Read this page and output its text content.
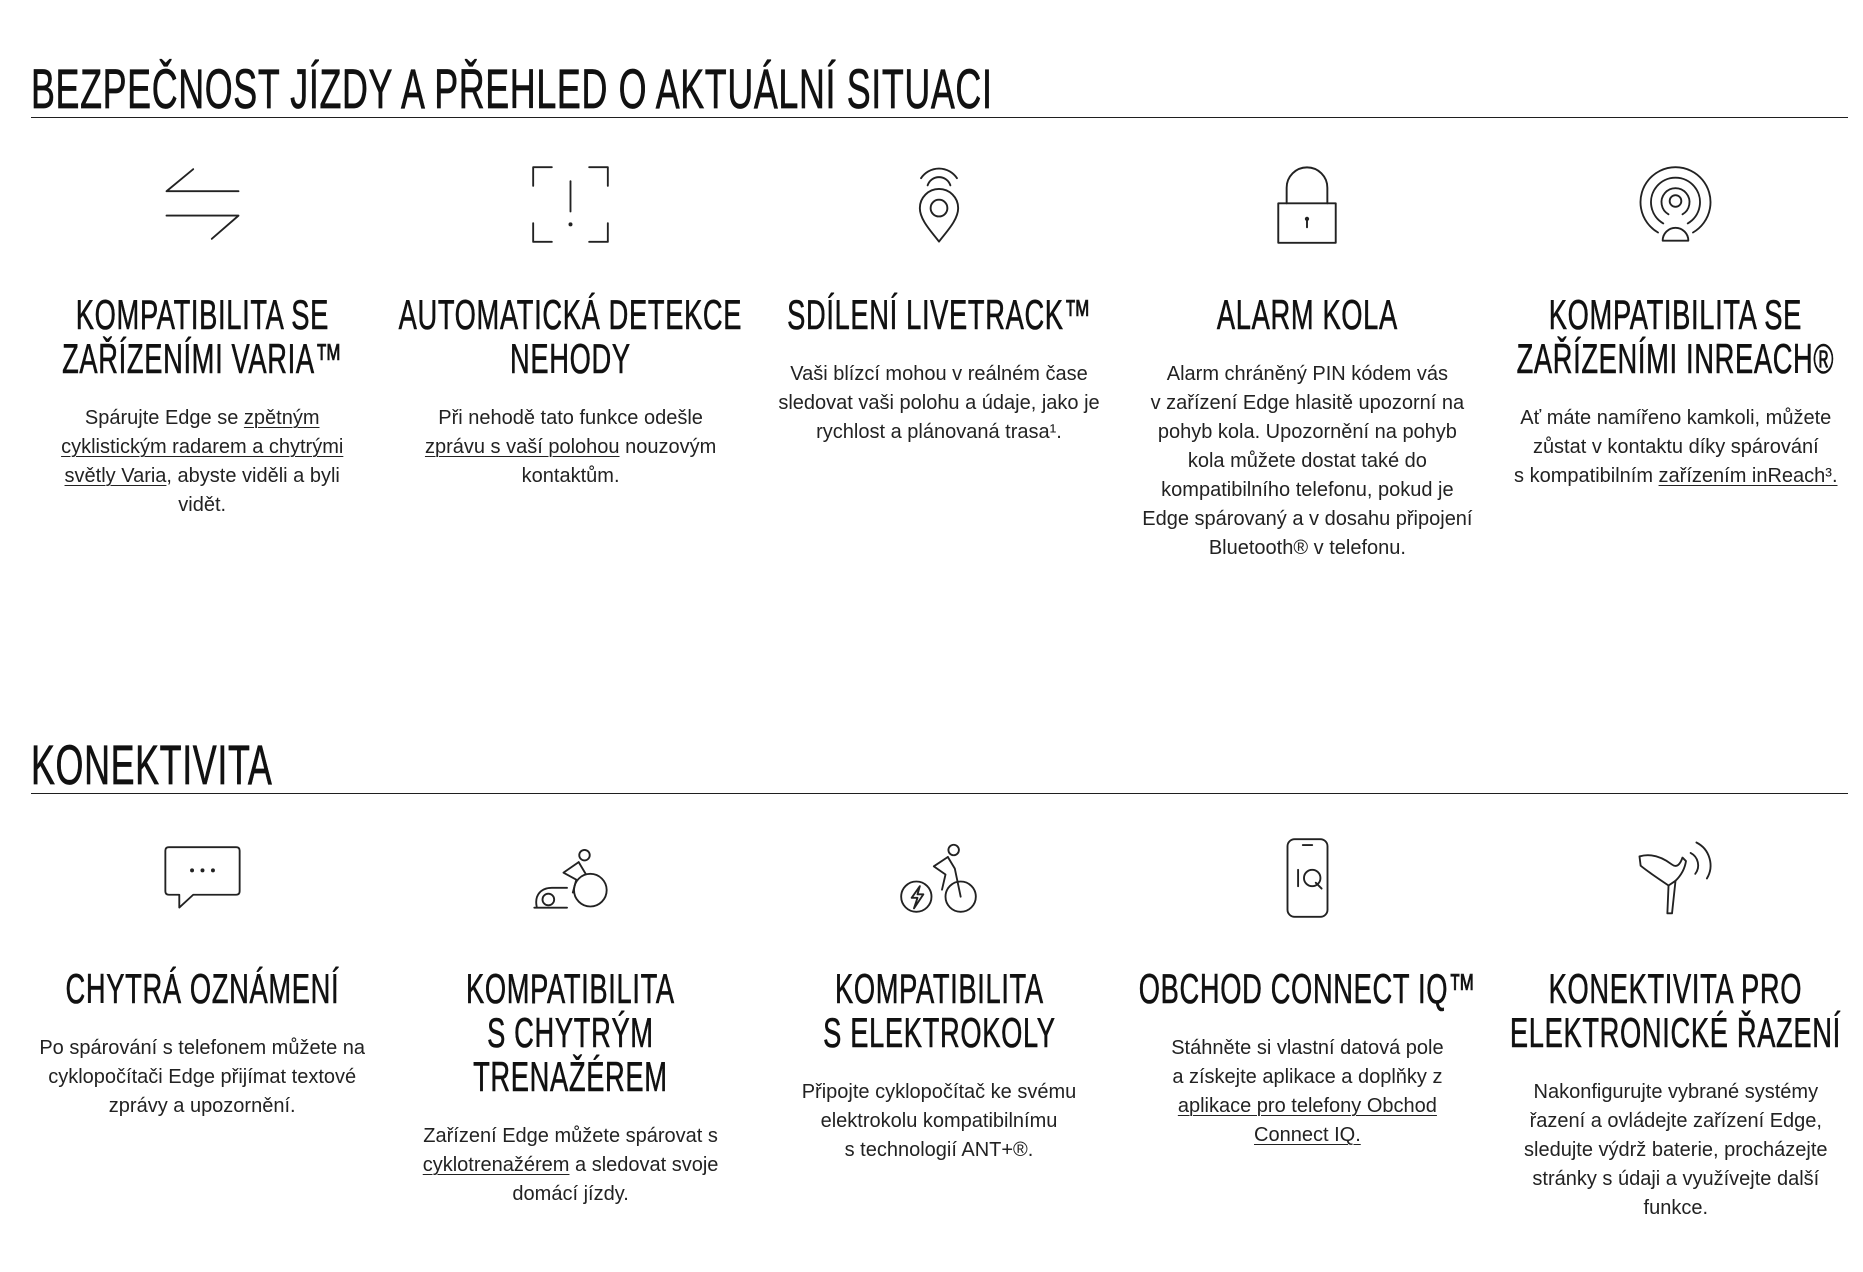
BEZPEČNOST JÍZDY A PŘEHLED O AKTUÁLNÍ SITUACI
KOMPATIBILITA SE
ZAŘÍZENÍMI VARIA™

Spárujte Edge se zpětným
cyklistickým radarem a chytrými
světly Varia, abyste viděli a byli
vidět.

AUTOMATICKÁ DETEKCE
NEHODY

Při nehodě tato funkce odešle
zprávu s vaší polohou nouzovým
kontaktům.

SDÍLENÍ LIVETRACK™

Vaši blízcí mohou v reálném čase
sledovat vaši polohu a údaje, jako je
rychlost a plánovaná trasa¹.

ALARM KOLA

Alarm chráněný PIN kódem vás
v zařízení Edge hlasitě upozorní na
pohyb kola. Upozornění na pohyb
kola můžete dostat také do
kompatibilního telefonu, pokud je
Edge spárovaný a v dosahu připojení
Bluetooth® v telefonu.

KOMPATIBILITA SE
ZAŘÍZENÍMI INREACH®

Ať máte namířeno kamkoli, můžete
zůstat v kontaktu díky spárování
s kompatibilním zařízením inReach³.

KONEKTIVITA
CHYTRÁ OZNÁMENÍ

Po spárování s telefonem můžete na
cyklopočítači Edge přijímat textové
zprávy a upozornění.

KOMPATIBILITA
S CHYTRÝM
TRENAŽÉREM

Zařízení Edge můžete spárovat s
cyklotrenažérem a sledovat svoje
domácí jízdy.

KOMPATIBILITA
S ELEKTROKOLY

Připojte cyklopočítač ke svému
elektrokolu kompatibilnímu
s technologií ANT+®.

OBCHOD CONNECT IQ™

Stáhněte si vlastní datová pole
a získejte aplikace a doplňky z
aplikace pro telefony Obchod
Connect IQ.

KONEKTIVITA PRO
ELEKTRONICKÉ ŘAZENÍ

Nakonfigurujte vybrané systémy
řazení a ovládejte zařízení Edge,
sledujte výdrž baterie, procházejte
stránky s údaji a využívejte další
funkce.
